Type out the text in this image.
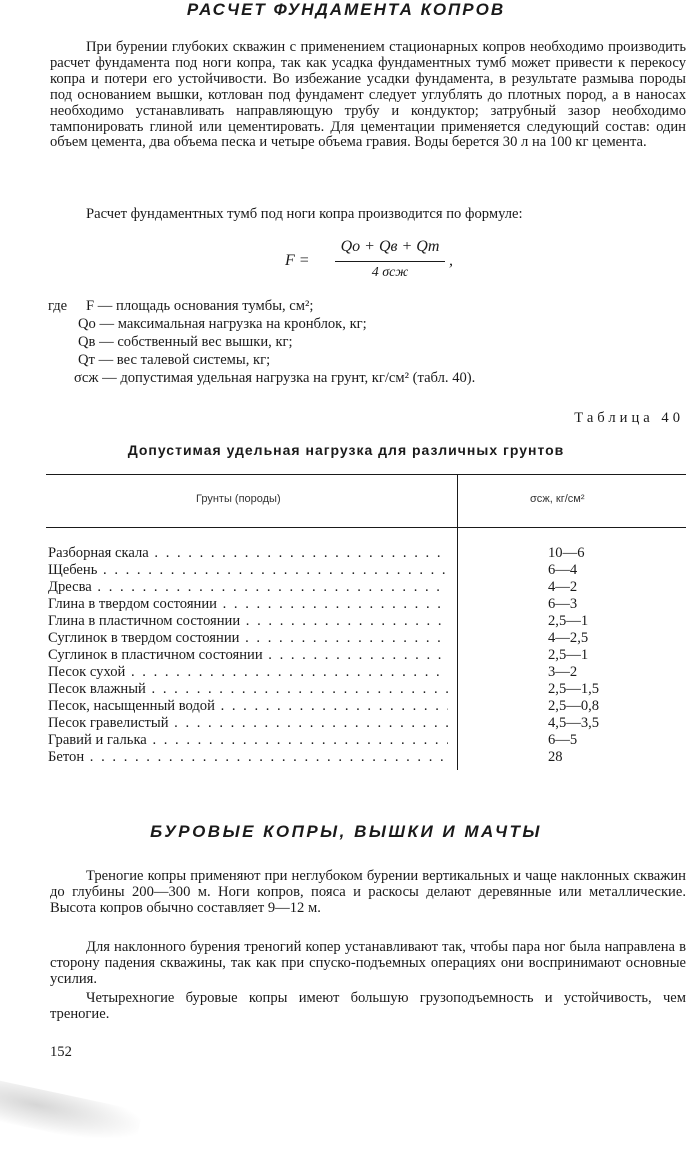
РАСЧЕТ ФУНДАМЕНТА КОПРОВ
При бурении глубоких скважин с применением стационарных копров необходимо производить расчет фундамента под ноги копра, так как усадка фундаментных тумб может привести к перекосу копра и потери его устойчивости. Во избежание усадки фундамента, в результате размыва породы под основанием вышки, котлован под фундамент следует углублять до плотных пород, а в наносах необходимо устанавливать направляющую трубу и кондуктор; затрубный зазор необходимо тампонировать глиной или цементировать. Для цементации применяется следующий состав: один объем цемента, два объема песка и четыре объема гравия. Воды берется 30 л на 100 кг цемента.
Расчет фундаментных тумб под ноги копра производится по формуле:
F =
Qo + Qв + Qт
4 σсж
,
где F — площадь основания тумбы, см²;
Qo — максимальная нагрузка на кронблок, кг;
Qв — собственный вес вышки, кг;
Qт — вес талевой системы, кг;
σсж — допустимая удельная нагрузка на грунт, кг/см² (табл. 40).
Таблица 40
Допустимая удельная нагрузка для различных грунтов
Грунты (породы)	σсж, кг/см²
Разборная скала . . .	10—6
Щебень . . .	6—4
Дресва . . .	4—2
Глина в твердом состоянии . . .	6—3
Глина в пластичном состоянии . . .	2,5—1
Суглинок в твердом состоянии . . .	4—2,5
Суглинок в пластичном состоянии . . .	2,5—1
Песок сухой . . .	3—2
Песок влажный . . .	2,5—1,5
Песок, насыщенный водой . . .	2,5—0,8
Песок гравелистый . . .	4,5—3,5
Гравий и галька . . .	6—5
Бетон . . .	28
БУРОВЫЕ КОПРЫ, ВЫШКИ И МАЧТЫ
Треногие копры применяют при неглубоком бурении вертикальных и чаще наклонных скважин до глубины 200—300 м. Ноги копров, пояса и раскосы делают деревянные или металлические. Высота копров обычно составляет 9—12 м.
Для наклонного бурения треногий копер устанавливают так, чтобы пара ног была направлена в сторону падения скважины, так как при спуско-подъемных операциях они воспринимают основные усилия.
Четырехногие буровые копры имеют большую грузоподъемность и устойчивость, чем треногие.
152
